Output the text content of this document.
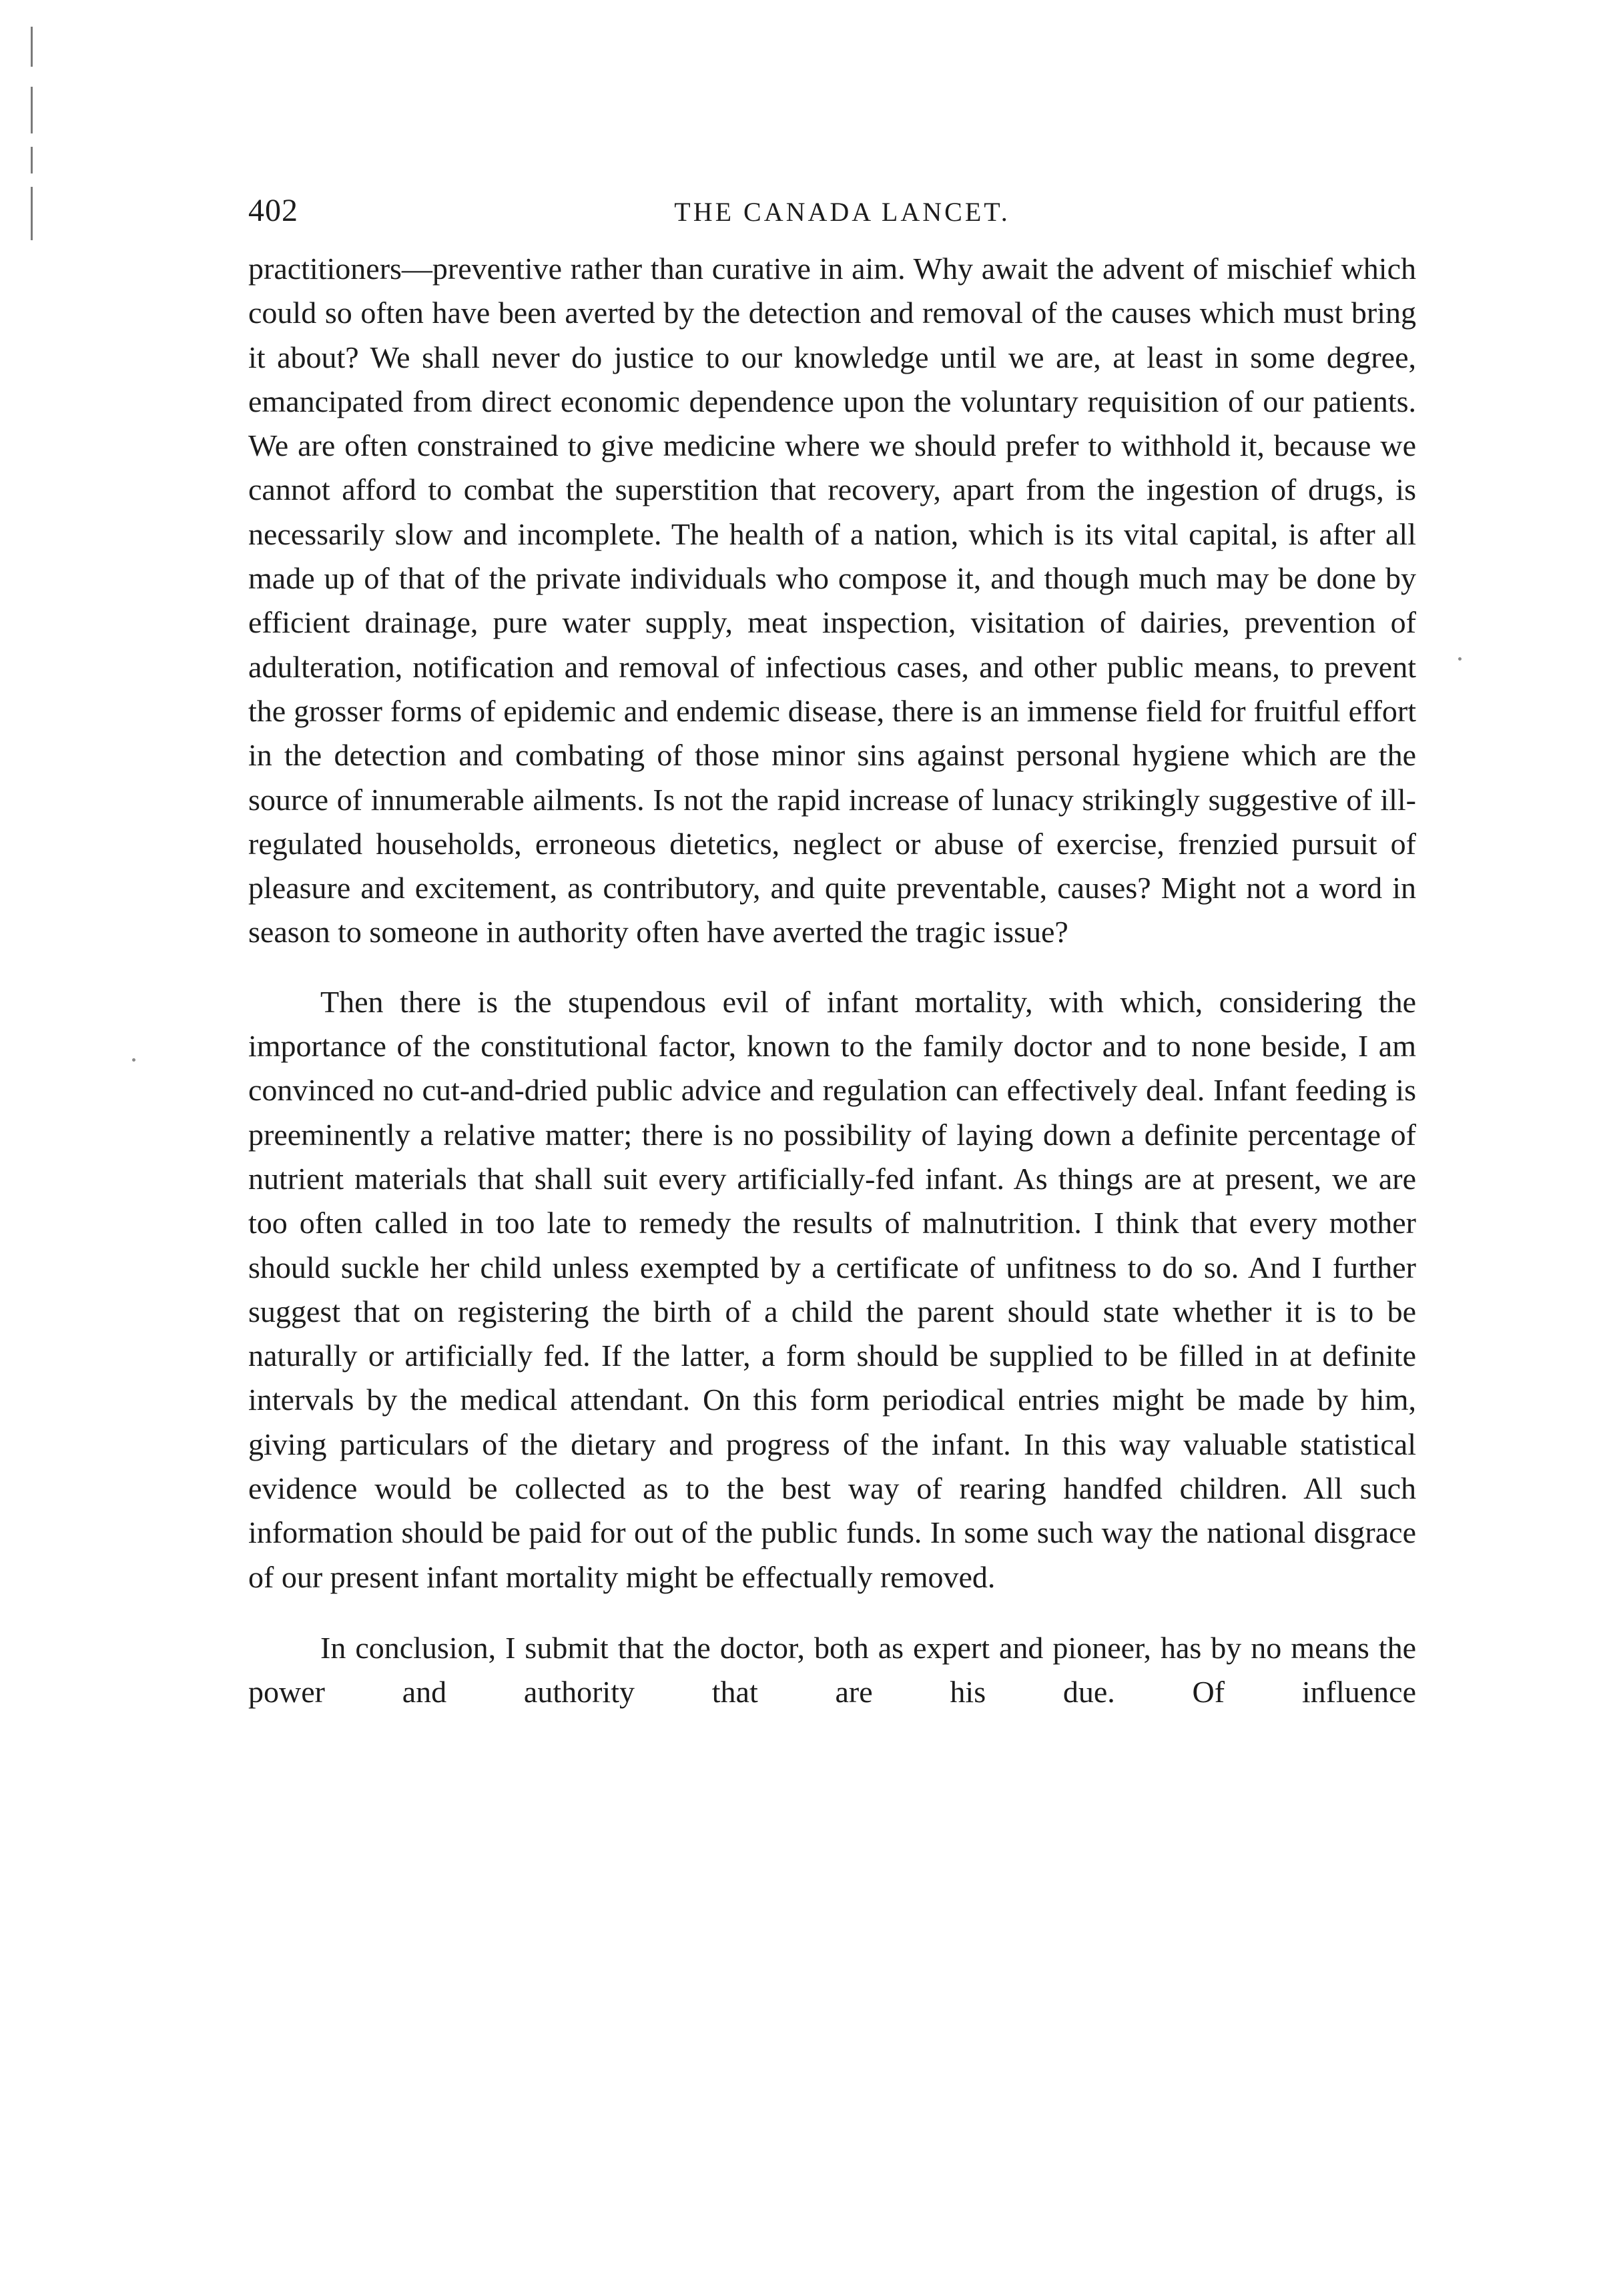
402	THE CANADA LANCET.

practitioners—preventive rather than curative in aim. Why await the advent of mischief which could so often have been averted by the detection and removal of the causes which must bring it about? We shall never do justice to our knowledge until we are, at least in some degree, emancipated from direct economic dependence upon the voluntary requisition of our patients. We are often constrained to give medicine where we should prefer to withhold it, because we cannot afford to combat the superstition that recovery, apart from the ingestion of drugs, is necessarily slow and incomplete. The health of a nation, which is its vital capital, is after all made up of that of the private individuals who compose it, and though much may be done by efficient drainage, pure water supply, meat inspection, visitation of dairies, prevention of adulteration, notification and removal of infectious cases, and other public means, to prevent the grosser forms of epidemic and endemic disease, there is an immense field for fruitful effort in the detection and combating of those minor sins against personal hygiene which are the source of innumerable ailments. Is not the rapid increase of lunacy strikingly suggestive of ill-regulated households, erroneous dietetics, neglect or abuse of exercise, frenzied pursuit of pleasure and excitement, as contributory, and quite preventable, causes? Might not a word in season to someone in authority often have averted the tragic issue?

Then there is the stupendous evil of infant mortality, with which, considering the importance of the constitutional factor, known to the family doctor and to none beside, I am convinced no cut-and-dried public advice and regulation can effectively deal. Infant feeding is preeminently a relative matter; there is no possibility of laying down a definite percentage of nutrient materials that shall suit every artificially-fed infant. As things are at present, we are too often called in too late to remedy the results of malnutrition. I think that every mother should suckle her child unless exempted by a certificate of unfitness to do so. And I further suggest that on registering the birth of a child the parent should state whether it is to be naturally or artificially fed. If the latter, a form should be supplied to be filled in at definite intervals by the medical attendant. On this form periodical entries might be made by him, giving particulars of the dietary and progress of the infant. In this way valuable statistical evidence would be collected as to the best way of rearing handfed children. All such information should be paid for out of the public funds. In some such way the national disgrace of our present infant mortality might be effectually removed.

In conclusion, I submit that the doctor, both as expert and pioneer, has by no means the power and authority that are his due. Of influence
